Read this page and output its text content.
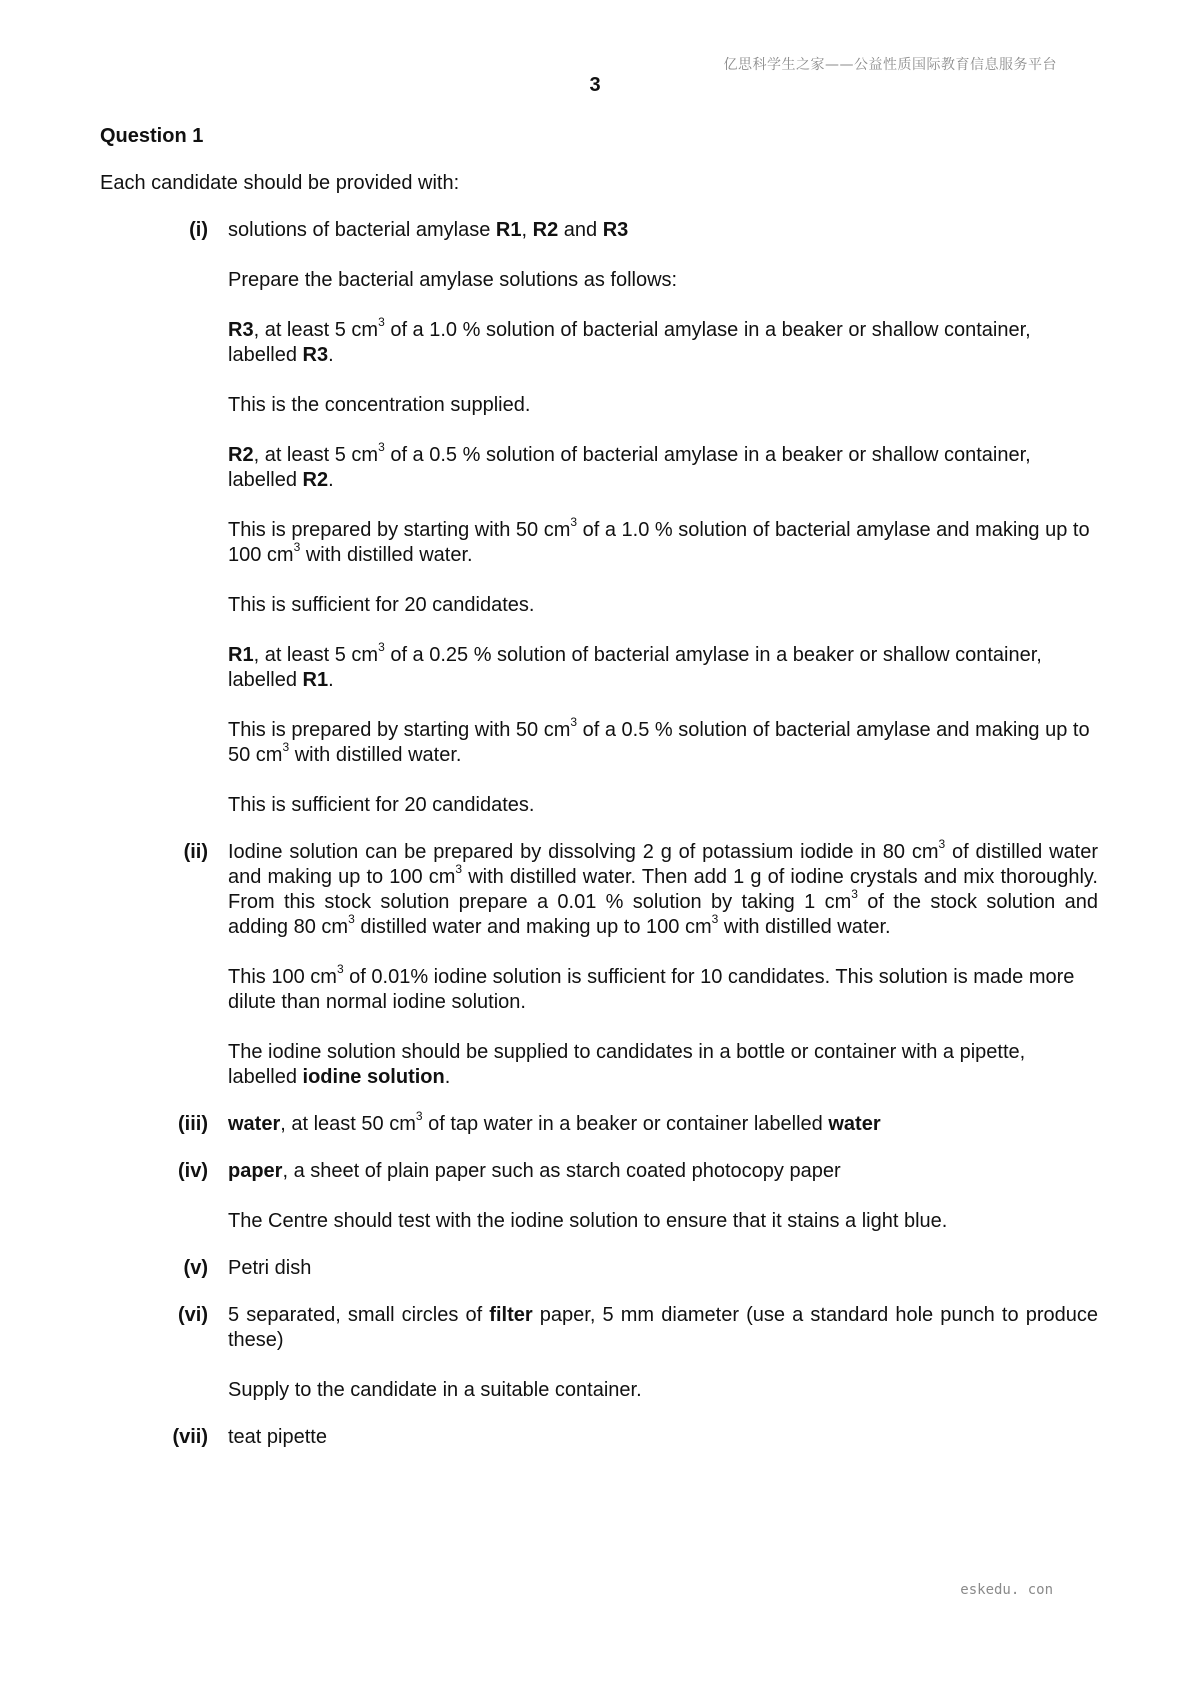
亿思科学生之家——公益性质国际教育信息服务平台
3
Question 1
Each candidate should be provided with:
(i) solutions of bacterial amylase R1, R2 and R3

Prepare the bacterial amylase solutions as follows:

R3, at least 5 $cm^3$ of a 1.0 % solution of bacterial amylase in a beaker or shallow container, labelled R3.

This is the concentration supplied.

R2, at least 5 $cm^3$ of a 0.5 % solution of bacterial amylase in a beaker or shallow container, labelled R2.

This is prepared by starting with 50 $cm^3$ of a 1.0 % solution of bacterial amylase and making up to 100 $cm^3$ with distilled water.

This is sufficient for 20 candidates.

R1, at least 5 $cm^3$ of a 0.25 % solution of bacterial amylase in a beaker or shallow container, labelled R1.

This is prepared by starting with 50 $cm^3$ of a 0.5 % solution of bacterial amylase and making up to 50 $cm^3$ with distilled water.

This is sufficient for 20 candidates.

(ii) Iodine solution can be prepared by dissolving 2 g of potassium iodide in 80 $cm^3$ of distilled water and making up to 100 $cm^3$ with distilled water. Then add 1 g of iodine crystals and mix thoroughly. From this stock solution prepare a 0.01 % solution by taking 1 $cm^3$ of the stock solution and adding 80 $cm^3$ distilled water and making up to 100 $cm^3$ with distilled water.

This 100 $cm^3$ of 0.01% iodine solution is sufficient for 10 candidates. This solution is made more dilute than normal iodine solution.

The iodine solution should be supplied to candidates in a bottle or container with a pipette, labelled iodine solution.

(iii) water, at least 50 $cm^3$ of tap water in a beaker or container labelled water

(iv) paper, a sheet of plain paper such as starch coated photocopy paper

The Centre should test with the iodine solution to ensure that it stains a light blue.

(v) Petri dish

(vi) 5 separated, small circles of filter paper, 5 mm diameter (use a standard hole punch to produce these)

Supply to the candidate in a suitable container.

(vii) teat pipette

eskedu. con
